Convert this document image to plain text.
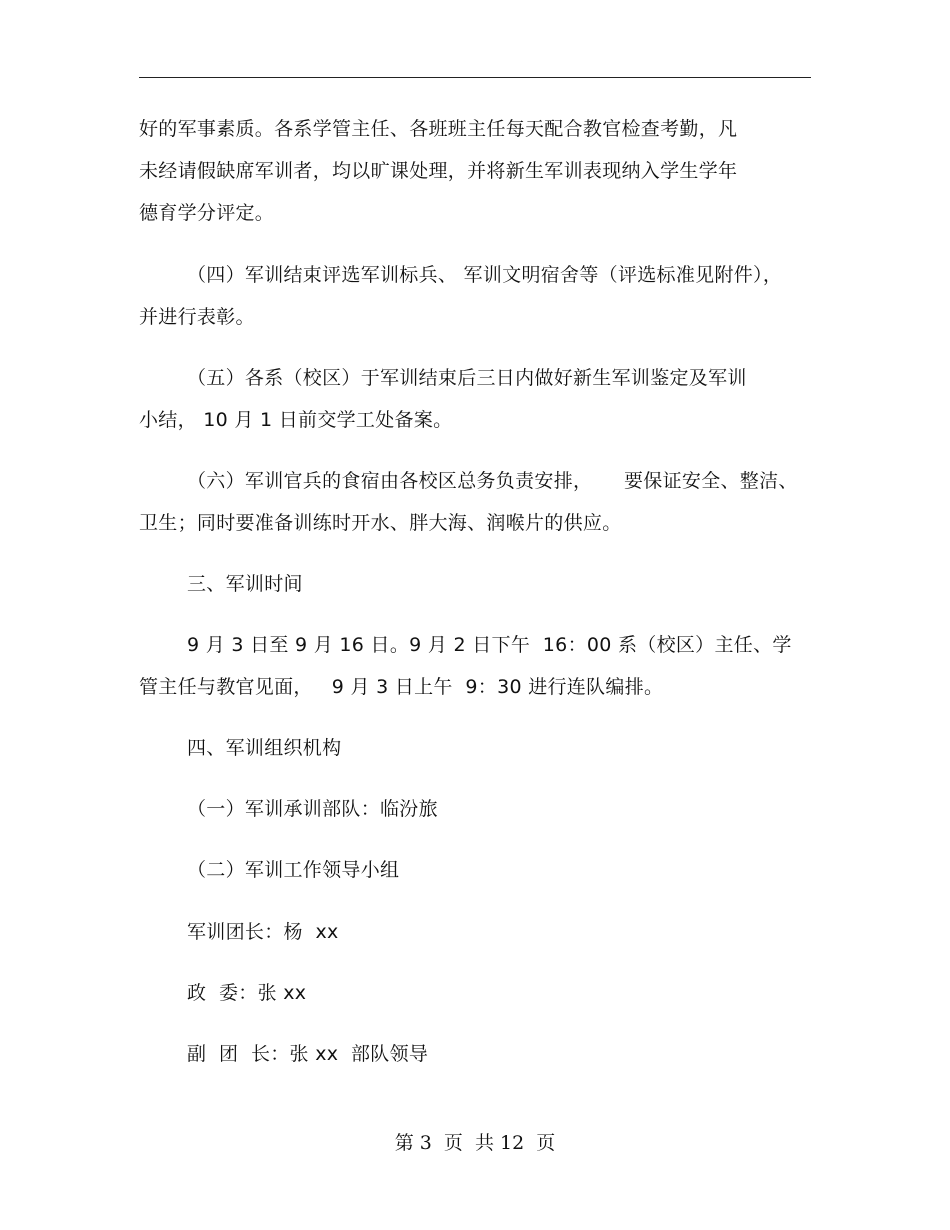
好的军事素质。各系学管主任、各班班主任每天配合教官检查考勤，凡
未经请假缺席军训者，均以旷课处理，并将新生军训表现纳入学生学年
德育学分评定。
（四）军训结束评选军训标兵、 军训文明宿舍等（评选标准见附件），
并进行表彰。
（五）各系（校区）于军训结束后三日内做好新生军训鉴定及军训
小结， 10 月 1 日前交学工处备案。
（六）军训官兵的食宿由各校区总务负责安排，     要保证安全、整洁、
卫生；同时要准备训练时开水、胖大海、润喉片的供应。
三、军训时间
9 月 3 日至 9 月 16 日。9 月 2 日下午  16：00 系（校区）主任、学
管主任与教官见面，   9 月 3 日上午  9：30 进行连队编排。
四、军训组织机构
（一）军训承训部队：临汾旅
（二）军训工作领导小组
军训团长：杨  xx
政  委：张 xx
副  团  长：张 xx  部队领导
第 3  页  共 12  页
